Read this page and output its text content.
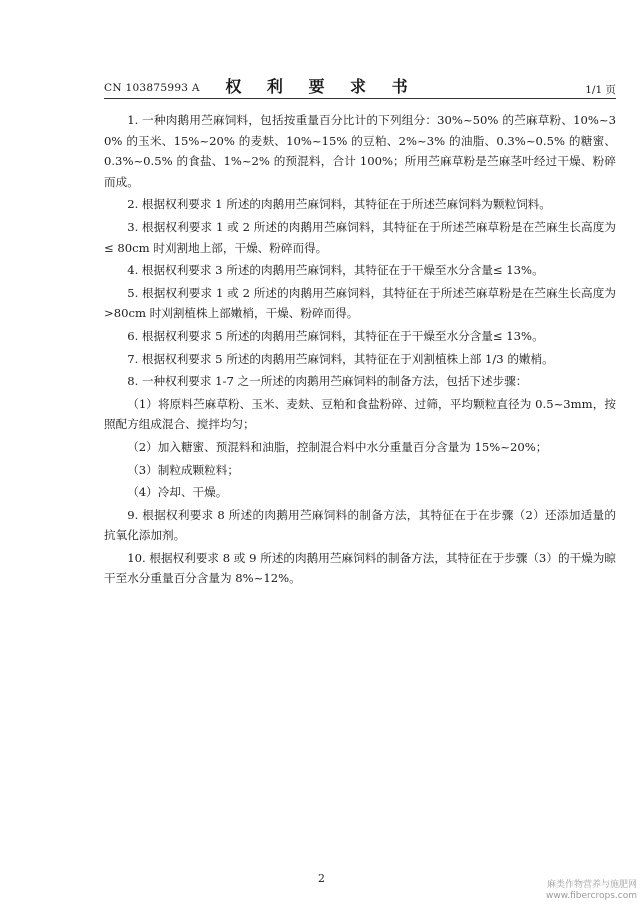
CN 103875993 A	权 利 要 求 书	1/1 页

1. 一种肉鹅用苎麻饲料，包括按重量百分比计的下列组分：30%~50% 的苎麻草粉、10%~30% 的玉米、15%~20% 的麦麸、10%~15% 的豆粕、2%~3% 的油脂、0.3%~0.5% 的糖蜜、0.3%~0.5% 的食盐、1%~2% 的预混料，合计 100%；所用苎麻草粉是苎麻茎叶经过干燥、粉碎而成。

2. 根据权利要求 1 所述的肉鹅用苎麻饲料，其特征在于所述苎麻饲料为颗粒饲料。

3. 根据权利要求 1 或 2 所述的肉鹅用苎麻饲料，其特征在于所述苎麻草粉是在苎麻生长高度为≤ 80cm 时刈割地上部，干燥、粉碎而得。

4. 根据权利要求 3 所述的肉鹅用苎麻饲料，其特征在于干燥至水分含量≤ 13%。

5. 根据权利要求 1 或 2 所述的肉鹅用苎麻饲料，其特征在于所述苎麻草粉是在苎麻生长高度为 >80cm 时刈割植株上部嫩梢，干燥、粉碎而得。

6. 根据权利要求 5 所述的肉鹅用苎麻饲料，其特征在于干燥至水分含量≤ 13%。

7. 根据权利要求 5 所述的肉鹅用苎麻饲料，其特征在于刈割植株上部 1/3 的嫩梢。

8. 一种权利要求 1-7 之一所述的肉鹅用苎麻饲料的制备方法，包括下述步骤：

（1）将原料苎麻草粉、玉米、麦麸、豆粕和食盐粉碎、过筛，平均颗粒直径为 0.5~3mm，按照配方组成混合、搅拌均匀；

（2）加入糖蜜、预混料和油脂，控制混合料中水分重量百分含量为 15%~20%；

（3）制粒成颗粒料；

（4）冷却、干燥。

9. 根据权利要求 8 所述的肉鹅用苎麻饲料的制备方法，其特征在于在步骤（2）还添加适量的抗氧化添加剂。

10. 根据权利要求 8 或 9 所述的肉鹅用苎麻饲料的制备方法，其特征在于步骤（3）的干燥为晾干至水分重量百分含量为 8%~12%。

2	麻类作物营养与施肥网
www.fibercrops.com
